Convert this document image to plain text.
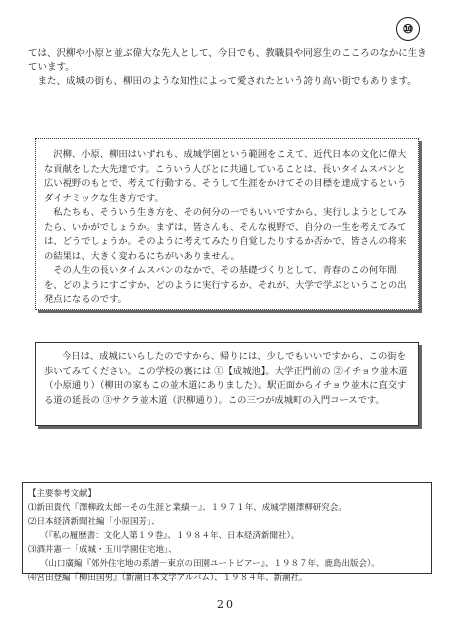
⑩

ては、沢柳や小原と並ぶ偉大な先人として、今日でも、教職員や同窓生のこころのなかに生きています。

また、成城の街も、柳田のような知性によって愛されたという誇り高い街でもあります。

沢柳、小原、柳田はいずれも、成城学園という範囲をこえて、近代日本の文化に偉大な貢献をした大先達です。こういう人びとに共通していることは、長いタイムスパンと広い視野のもとで、考えて行動する、そうして生涯をかけてその目標を達成するというダイナミックな生き方です。

私たちも、そういう生き方を、その何分の一でもいいですから、実行しようとしてみたら、いかがでしょうか。まずは、皆さんも、そんな視野で、自分の一生を考えてみては、どうでしょうか。そのように考えてみたり自覚したりするか否かで、皆さんの将来の結果は、大きく変わるにちがいありません。

その人生の長いタイムスパンのなかで、その基礎づくりとして、青春のこの何年間を、どのようにすごすか、どのように実行するか、それが、大学で学ぶということの出発点になるのです。

今日は、成城にいらしたのですから、帰りには、少しでもいいですから、この街を歩いてみてください。この学校の裏には ①【成城池】。大学正門前の ②イチョウ並木道（小原通り）（柳田の家もこの並木道にありました）。駅正面からイチョウ並木に直交する道の延長の ③サクラ並木道（沢柳通り）。この三つが成城町の入門コースです。

【主要参考文献】
⑴新田貴代『澤柳政太郎－その生涯と業績－』、１９７１年、成城学園澤柳研究会。
⑵日本経済新聞社編「小原国芳」、
（『私の履歴書：文化人第１９巻』、１９８４年、日本経済新聞社）。
⑶酒井憲一「成城・玉川学園住宅地」、
（山口廣編『郊外住宅地の系譜－東京の田園ユートピアー』、１９８７年、鹿島出版会）。
⑷宮田登編『柳田国男』（新潮日本文学アルバム）、１９８４年、新潮社。
20
